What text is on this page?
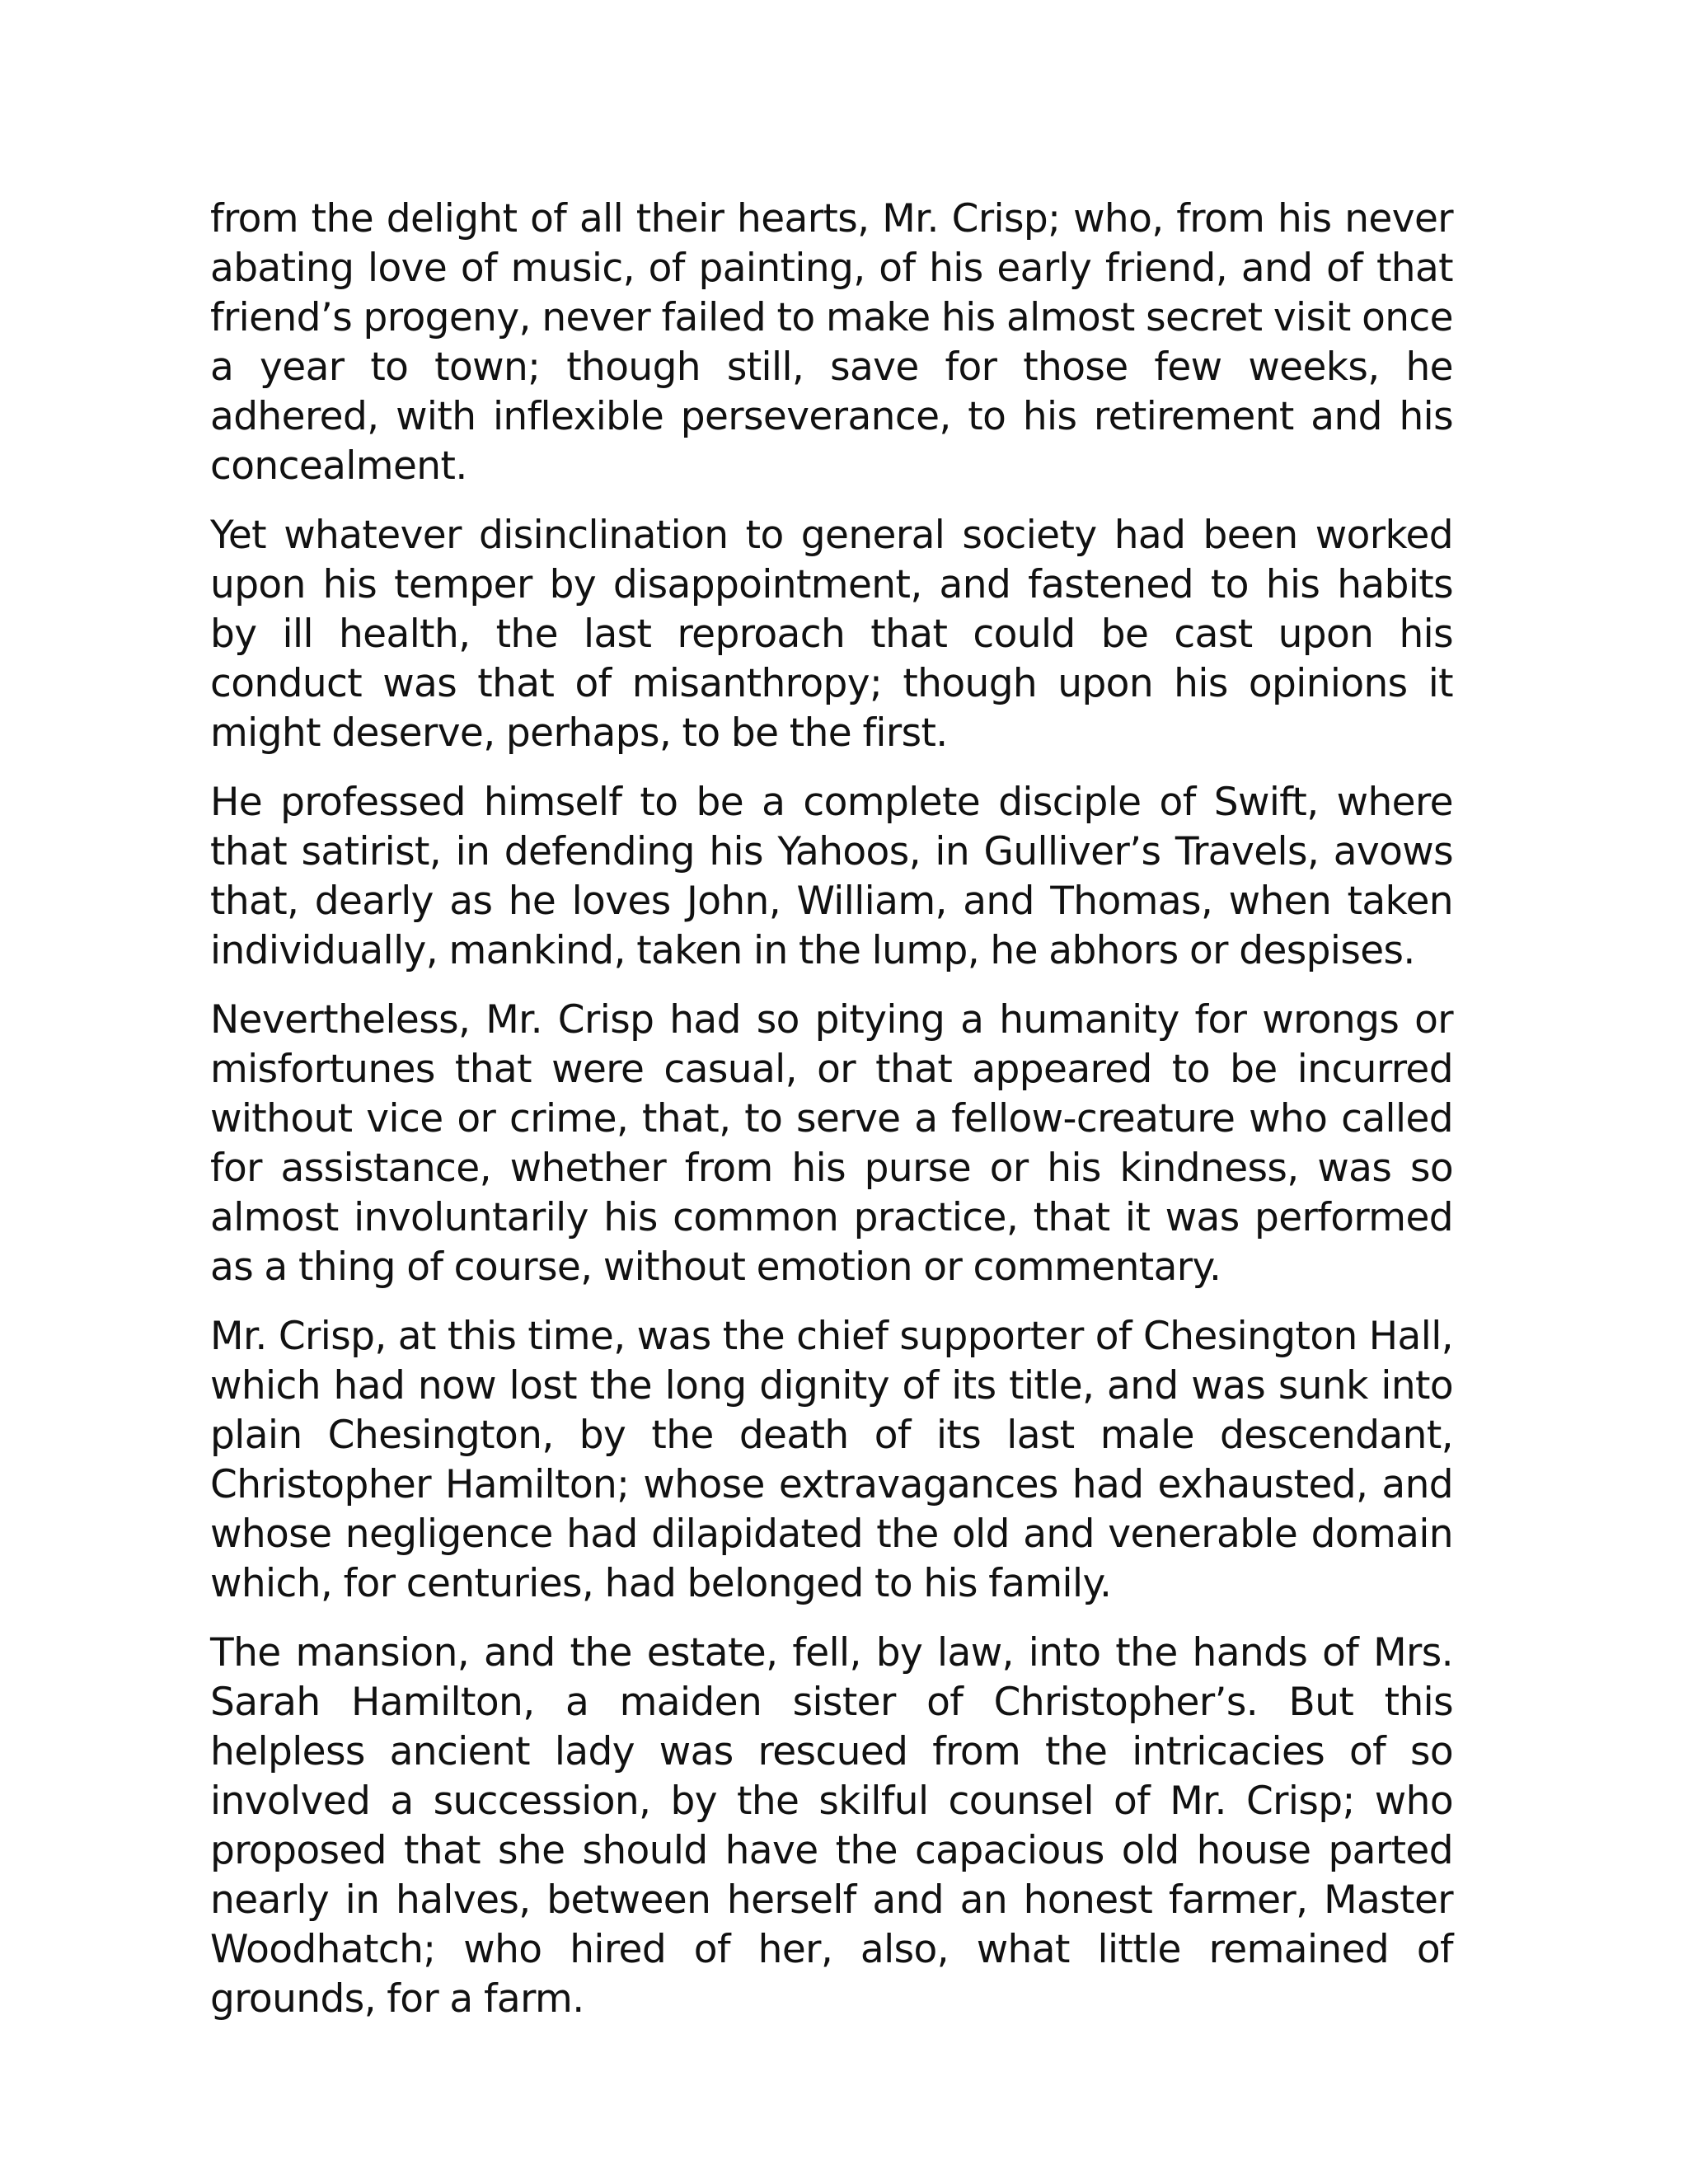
from the delight of all their hearts, Mr. Crisp; who, from his never abating love of music, of painting, of his early friend, and of that friend’s progeny, never failed to make his almost secret visit once a year to town; though still, save for those few weeks, he adhered, with inflexible perseverance, to his retirement and his concealment.

Yet whatever disinclination to general society had been worked upon his temper by disappointment, and fastened to his habits by ill health, the last reproach that could be cast upon his conduct was that of misanthropy; though upon his opinions it might deserve, perhaps, to be the first.

He professed himself to be a complete disciple of Swift, where that satirist, in defending his Yahoos, in Gulliver’s Travels, avows that, dearly as he loves John, William, and Thomas, when taken individually, mankind, taken in the lump, he abhors or despises.

Nevertheless, Mr. Crisp had so pitying a humanity for wrongs or misfortunes that were casual, or that appeared to be incurred without vice or crime, that, to serve a fellow-creature who called for assistance, whether from his purse or his kindness, was so almost involuntarily his common practice, that it was performed as a thing of course, without emotion or commentary.

Mr. Crisp, at this time, was the chief supporter of Chesington Hall, which had now lost the long dignity of its title, and was sunk into plain Chesington, by the death of its last male descendant, Christopher Hamilton; whose extravagances had exhausted, and whose negligence had dilapidated the old and venerable domain which, for centuries, had belonged to his family.

The mansion, and the estate, fell, by law, into the hands of Mrs. Sarah Hamilton, a maiden sister of Christopher’s. But this helpless ancient lady was rescued from the intricacies of so involved a succession, by the skilful counsel of Mr. Crisp; who proposed that she should have the capacious old house parted nearly in halves, between herself and an honest farmer, Master Woodhatch; who hired of her, also, what little remained of grounds, for a farm.
